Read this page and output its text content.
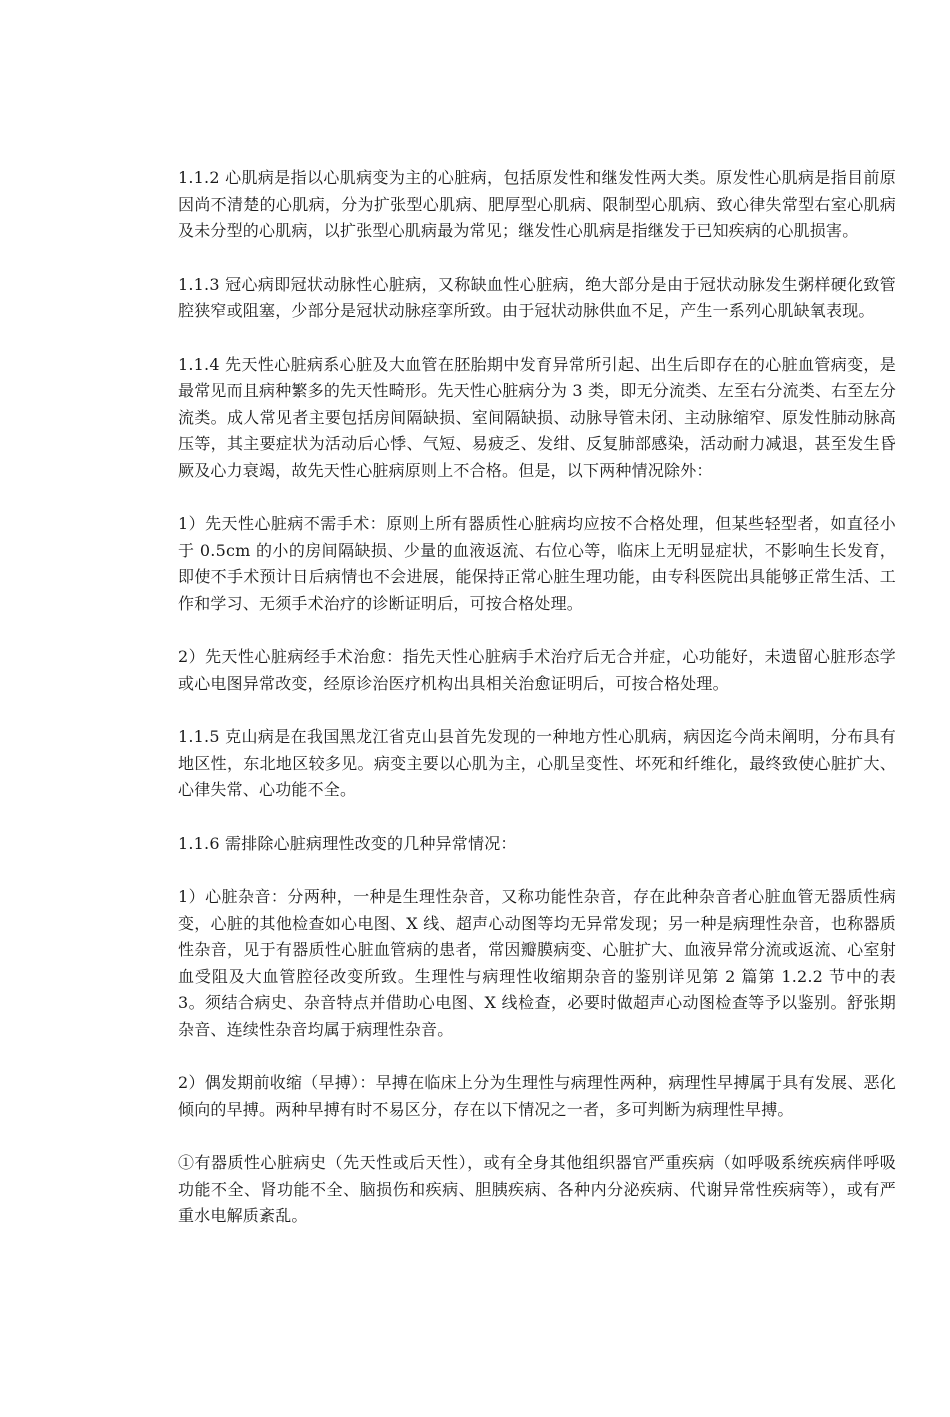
1.1.2 心肌病是指以心肌病变为主的心脏病，包括原发性和继发性两大类。原发性心肌病是指目前原因尚不清楚的心肌病，分为扩张型心肌病、肥厚型心肌病、限制型心肌病、致心律失常型右室心肌病及未分型的心肌病，以扩张型心肌病最为常见；继发性心肌病是指继发于已知疾病的心肌损害。

1.1.3 冠心病即冠状动脉性心脏病，又称缺血性心脏病，绝大部分是由于冠状动脉发生粥样硬化致管腔狭窄或阻塞，少部分是冠状动脉痉挛所致。由于冠状动脉供血不足，产生一系列心肌缺氧表现。

1.1.4 先天性心脏病系心脏及大血管在胚胎期中发育异常所引起、出生后即存在的心脏血管病变，是最常见而且病种繁多的先天性畸形。先天性心脏病分为 3 类，即无分流类、左至右分流类、右至左分流类。成人常见者主要包括房间隔缺损、室间隔缺损、动脉导管未闭、主动脉缩窄、原发性肺动脉高压等，其主要症状为活动后心悸、气短、易疲乏、发绀、反复肺部感染，活动耐力减退，甚至发生昏厥及心力衰竭，故先天性心脏病原则上不合格。但是，以下两种情况除外：

1）先天性心脏病不需手术：原则上所有器质性心脏病均应按不合格处理，但某些轻型者，如直径小于 0.5cm 的小的房间隔缺损、少量的血液返流、右位心等，临床上无明显症状，不影响生长发育，即使不手术预计日后病情也不会进展，能保持正常心脏生理功能，由专科医院出具能够正常生活、工作和学习、无须手术治疗的诊断证明后，可按合格处理。

2）先天性心脏病经手术治愈：指先天性心脏病手术治疗后无合并症，心功能好，未遗留心脏形态学或心电图异常改变，经原诊治医疗机构出具相关治愈证明后，可按合格处理。

1.1.5 克山病是在我国黑龙江省克山县首先发现的一种地方性心肌病，病因迄今尚未阐明，分布具有地区性，东北地区较多见。病变主要以心肌为主，心肌呈变性、坏死和纤维化，最终致使心脏扩大、心律失常、心功能不全。

1.1.6 需排除心脏病理性改变的几种异常情况：

1）心脏杂音：分两种，一种是生理性杂音，又称功能性杂音，存在此种杂音者心脏血管无器质性病变，心脏的其他检查如心电图、X 线、超声心动图等均无异常发现；另一种是病理性杂音，也称器质性杂音，见于有器质性心脏血管病的患者，常因瓣膜病变、心脏扩大、血液异常分流或返流、心室射血受阻及大血管腔径改变所致。生理性与病理性收缩期杂音的鉴别详见第 2 篇第 1.2.2 节中的表 3。须结合病史、杂音特点并借助心电图、X 线检查，必要时做超声心动图检查等予以鉴别。舒张期杂音、连续性杂音均属于病理性杂音。

2）偶发期前收缩（早搏）：早搏在临床上分为生理性与病理性两种，病理性早搏属于具有发展、恶化倾向的早搏。两种早搏有时不易区分，存在以下情况之一者，多可判断为病理性早搏。

①有器质性心脏病史（先天性或后天性），或有全身其他组织器官严重疾病（如呼吸系统疾病伴呼吸功能不全、肾功能不全、脑损伤和疾病、胆胰疾病、各种内分泌疾病、代谢异常性疾病等），或有严重水电解质紊乱。
